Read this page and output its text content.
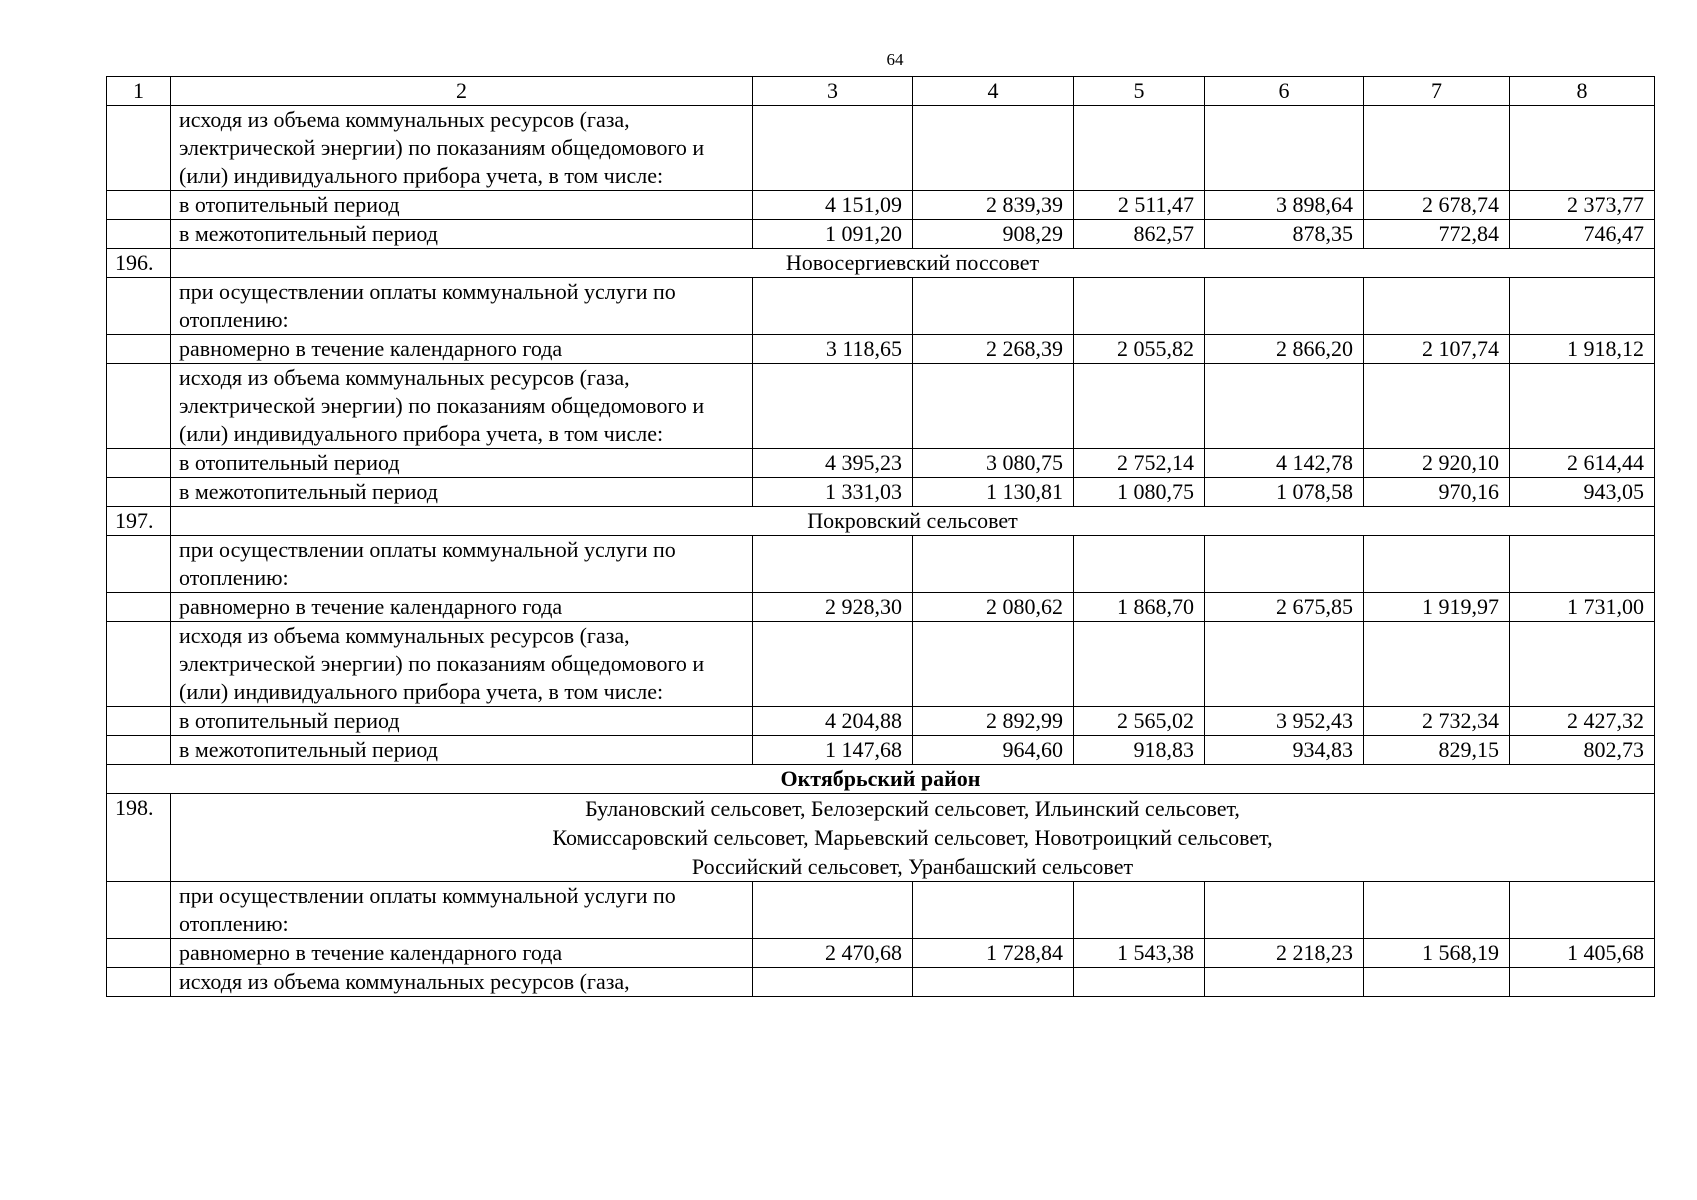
64
1	2	3	4	5	6	7	8
	исходя из объема коммунальных ресурсов (газа, электрической энергии) по показаниям общедомового и (или) индивидуального прибора учета, в том числе:						
	в отопительный период	4 151,09	2 839,39	2 511,47	3 898,64	2 678,74	2 373,77
	в межотопительный период	1 091,20	908,29	862,57	878,35	772,84	746,47
196.	Новосергиевский поссовет						
	при осуществлении оплаты коммунальной услуги по отоплению:						
	равномерно в течение календарного года	3 118,65	2 268,39	2 055,82	2 866,20	2 107,74	1 918,12
	исходя из объема коммунальных ресурсов (газа, электрической энергии) по показаниям общедомового и (или) индивидуального прибора учета, в том числе:						
	в отопительный период	4 395,23	3 080,75	2 752,14	4 142,78	2 920,10	2 614,44
	в межотопительный период	1 331,03	1 130,81	1 080,75	1 078,58	970,16	943,05
197.	Покровский сельсовет						
	при осуществлении оплаты коммунальной услуги по отоплению:						
	равномерно в течение календарного года	2 928,30	2 080,62	1 868,70	2 675,85	1 919,97	1 731,00
	исходя из объема коммунальных ресурсов (газа, электрической энергии) по показаниям общедомового и (или) индивидуального прибора учета, в том числе:						
	в отопительный период	4 204,88	2 892,99	2 565,02	3 952,43	2 732,34	2 427,32
	в межотопительный период	1 147,68	964,60	918,83	934,83	829,15	802,73
Октябрьский район							
198.	Булановский сельсовет, Белозерский сельсовет, Ильинский сельсовет,
Комиссаровский сельсовет, Марьевский сельсовет, Новотроицкий сельсовет,
Российский сельсовет, Уранбашский сельсовет						
	при осуществлении оплаты коммунальной услуги по отоплению:						
	равномерно в течение календарного года	2 470,68	1 728,84	1 543,38	2 218,23	1 568,19	1 405,68
	исходя из объема коммунальных ресурсов (газа,						
